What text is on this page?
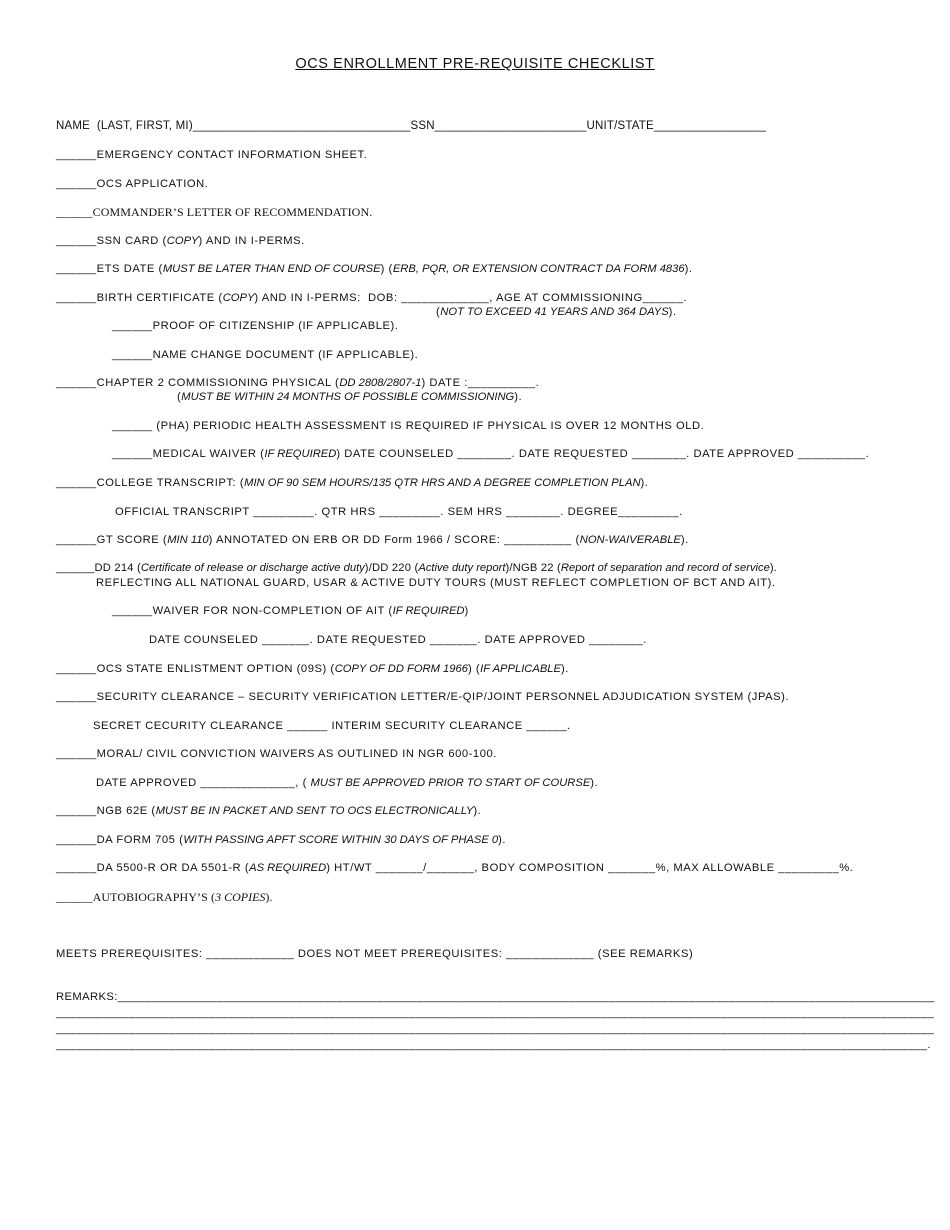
OCS ENROLLMENT PRE-REQUISITE CHECKLIST
NAME  (LAST, FIRST, MI)_________________________________SSN_______________________UNIT/STATE_________________
______EMERGENCY CONTACT INFORMATION SHEET.
______OCS APPLICATION.
______COMMANDER’S LETTER OF RECOMMENDATION.
______SSN CARD (COPY) AND IN I-PERMS.
______ETS DATE (MUST BE LATER THAN END OF COURSE) (ERB, PQR, OR EXTENSION CONTRACT DA FORM 4836).
______BIRTH CERTIFICATE (COPY) AND IN I-PERMS:  DOB: _____________, AGE AT COMMISSIONING______.
(NOT TO EXCEED 41 YEARS AND 364 DAYS).
______PROOF OF CITIZENSHIP (IF APPLICABLE).
______NAME CHANGE DOCUMENT (IF APPLICABLE).
______CHAPTER 2 COMMISSIONING PHYSICAL (DD 2808/2807-1) DATE :__________.
(MUST BE WITHIN 24 MONTHS OF POSSIBLE COMMISSIONING).
______ (PHA) PERIODIC HEALTH ASSESSMENT IS REQUIRED IF PHYSICAL IS OVER 12 MONTHS OLD.
______MEDICAL WAIVER (IF REQUIRED) DATE COUNSELED ________. DATE REQUESTED ________. DATE APPROVED __________.
______COLLEGE TRANSCRIPT: (MIN OF 90 SEM HOURS/135 QTR HRS AND A DEGREE COMPLETION PLAN).
OFFICIAL TRANSCRIPT _________. QTR HRS _________. SEM HRS ________. DEGREE_________.
______GT SCORE (MIN 110) ANNOTATED ON ERB OR DD Form 1966 / SCORE: __________ (NON-WAIVERABLE).
______DD 214 (Certificate of release or discharge active duty)/DD 220 (Active duty report)/NGB 22 (Report of separation and record of service).
REFLECTING ALL NATIONAL GUARD, USAR & ACTIVE DUTY TOURS (MUST REFLECT COMPLETION OF BCT AND AIT).
______WAIVER FOR NON-COMPLETION OF AIT (IF REQUIRED)
DATE COUNSELED _______. DATE REQUESTED _______. DATE APPROVED ________.
______OCS STATE ENLISTMENT OPTION (09S) (COPY OF DD FORM 1966) (IF APPLICABLE).
______SECURITY CLEARANCE – SECURITY VERIFICATION LETTER/E-QIP/JOINT PERSONNEL ADJUDICATION SYSTEM (JPAS).
SECRET CECURITY CLEARANCE ______ INTERIM SECURITY CLEARANCE ______.
______MORAL/ CIVIL CONVICTION WAIVERS AS OUTLINED IN NGR 600-100.
DATE APPROVED ______________, ( MUST BE APPROVED PRIOR TO START OF COURSE).
______NGB 62E (MUST BE IN PACKET AND SENT TO OCS ELECTRONICALLY).
______DA FORM 705 (WITH PASSING APFT SCORE WITHIN 30 DAYS OF PHASE 0).
______DA 5500-R OR DA 5501-R (AS REQUIRED) HT/WT _______/_______, BODY COMPOSITION _______%, MAX ALLOWABLE _________%.
______AUTOBIOGRAPHY’S (3 COPIES).
MEETS PREREQUISITES: _____________ DOES NOT MEET PREREQUISITES: _____________ (SEE REMARKS)
REMARKS:___________________________________________________________________________________________________________________________
____________________________________________________________________________________________________________________________________
____________________________________________________________________________________________________________________________________
___________________________________________________________________________________________________________________________________.
